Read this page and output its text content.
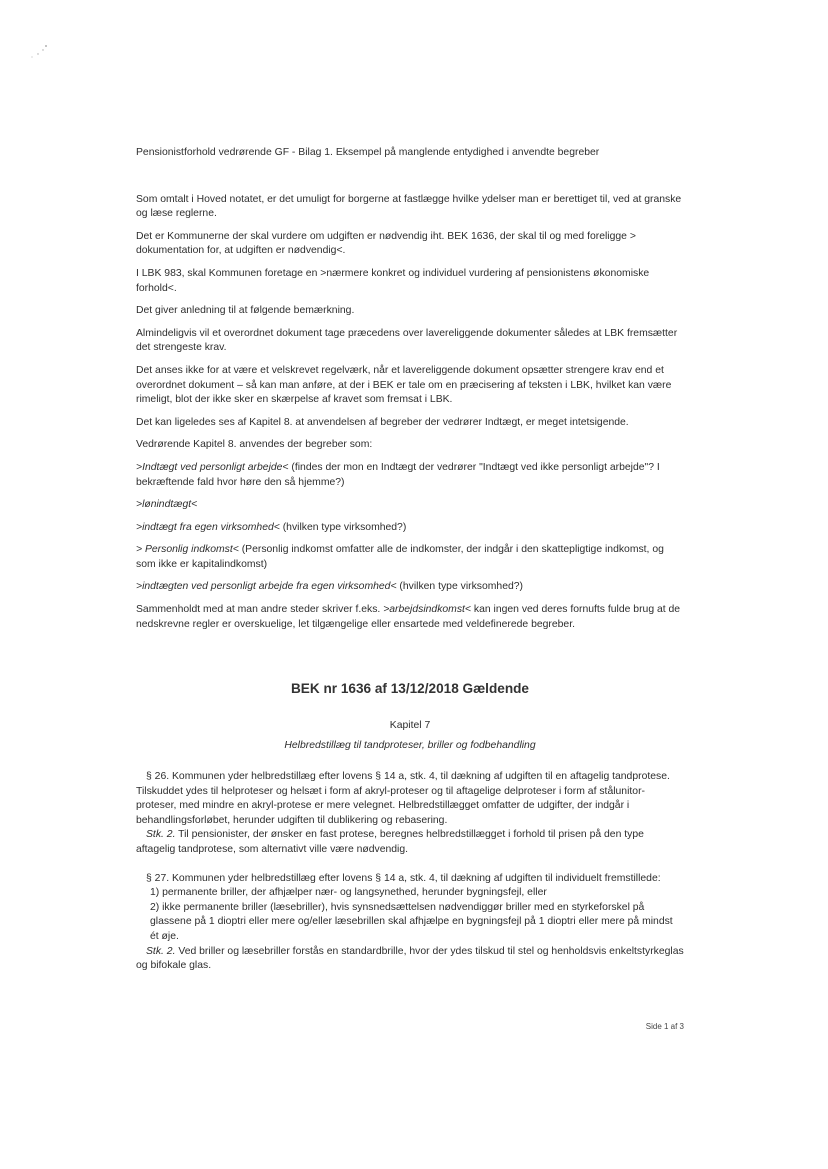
Pensionistforhold vedrørende GF - Bilag 1. Eksempel på manglende entydighed i anvendte begreber

Som omtalt i Hoved notatet, er det umuligt for borgerne at fastlægge hvilke ydelser man er berettiget til, ved at granske og læse reglerne.

Det er Kommunerne der skal vurdere om udgiften er nødvendig iht. BEK 1636, der skal til og med foreligge > dokumentation for, at udgiften er nødvendig<.

I LBK 983, skal Kommunen foretage en >nærmere konkret og individuel vurdering af pensionistens økonomiske forhold<.

Det giver anledning til at følgende bemærkning.

Almindeligvis vil et overordnet dokument tage præcedens over lavereliggende dokumenter således at LBK fremsætter det strengeste krav.

Det anses ikke for at være et velskrevet regelværk, når et lavereliggende dokument opsætter strengere krav end et overordnet dokument – så kan man anføre, at der i BEK er tale om en præcisering af teksten i LBK, hvilket kan være rimeligt, blot der ikke sker en skærpelse af kravet som fremsat i LBK.

Det kan ligeledes ses af Kapitel 8. at anvendelsen af begreber der vedrører Indtægt, er meget intetsigende.

Vedrørende Kapitel 8. anvendes der begreber som:

>Indtægt ved personligt arbejde< (findes der mon en Indtægt der vedrører "Indtægt ved ikke personligt arbejde"? I bekræftende fald hvor høre den så hjemme?)

>lønindtægt<

>indtægt fra egen virksomhed< (hvilken type virksomhed?)

> Personlig indkomst< (Personlig indkomst omfatter alle de indkomster, der indgår i den skattepligtige indkomst, og som ikke er kapitalindkomst)

>indtægten ved personligt arbejde fra egen virksomhed< (hvilken type virksomhed?)

Sammenholdt med at man andre steder skriver f.eks. >arbejdsindkomst< kan ingen ved deres fornufts fulde brug at de nedskrevne regler er overskuelige, let tilgængelige eller ensartede med veldefinerede begreber.

BEK nr 1636 af 13/12/2018 Gældende
Kapitel 7
Helbredstillæg til tandproteser, briller og fodbehandling

§ 26. Kommunen yder helbredstillæg efter lovens § 14 a, stk. 4, til dækning af udgiften til en aftagelig tandprotese. Tilskuddet ydes til helproteser og helsæt i form af akryl-proteser og til aftagelige delproteser i form af stålunitor-proteser, med mindre en akryl-protese er mere velegnet. Helbredstillægget omfatter de udgifter, der indgår i behandlingsforløbet, herunder udgiften til dublikering og rebasering.

Stk. 2. Til pensionister, der ønsker en fast protese, beregnes helbredstillægget i forhold til prisen på den type aftagelig tandprotese, som alternativt ville være nødvendig.

§ 27. Kommunen yder helbredstillæg efter lovens § 14 a, stk. 4, til dækning af udgiften til individuelt fremstillede:

1) permanente briller, der afhjælper nær- og langsynethed, herunder bygningsfejl, eller
2) ikke permanente briller (læsebriller), hvis synsnedsættelsen nødvendiggør briller med en styrkeforskel på glassene på 1 dioptri eller mere og/eller læsebrillen skal afhjælpe en bygningsfejl på 1 dioptri eller mere på mindst ét øje.

Stk. 2. Ved briller og læsebriller forstås en standardbrille, hvor der ydes tilskud til stel og henholdsvis enkeltstyrkeglas og bifokale glas.

Side 1 af 3
